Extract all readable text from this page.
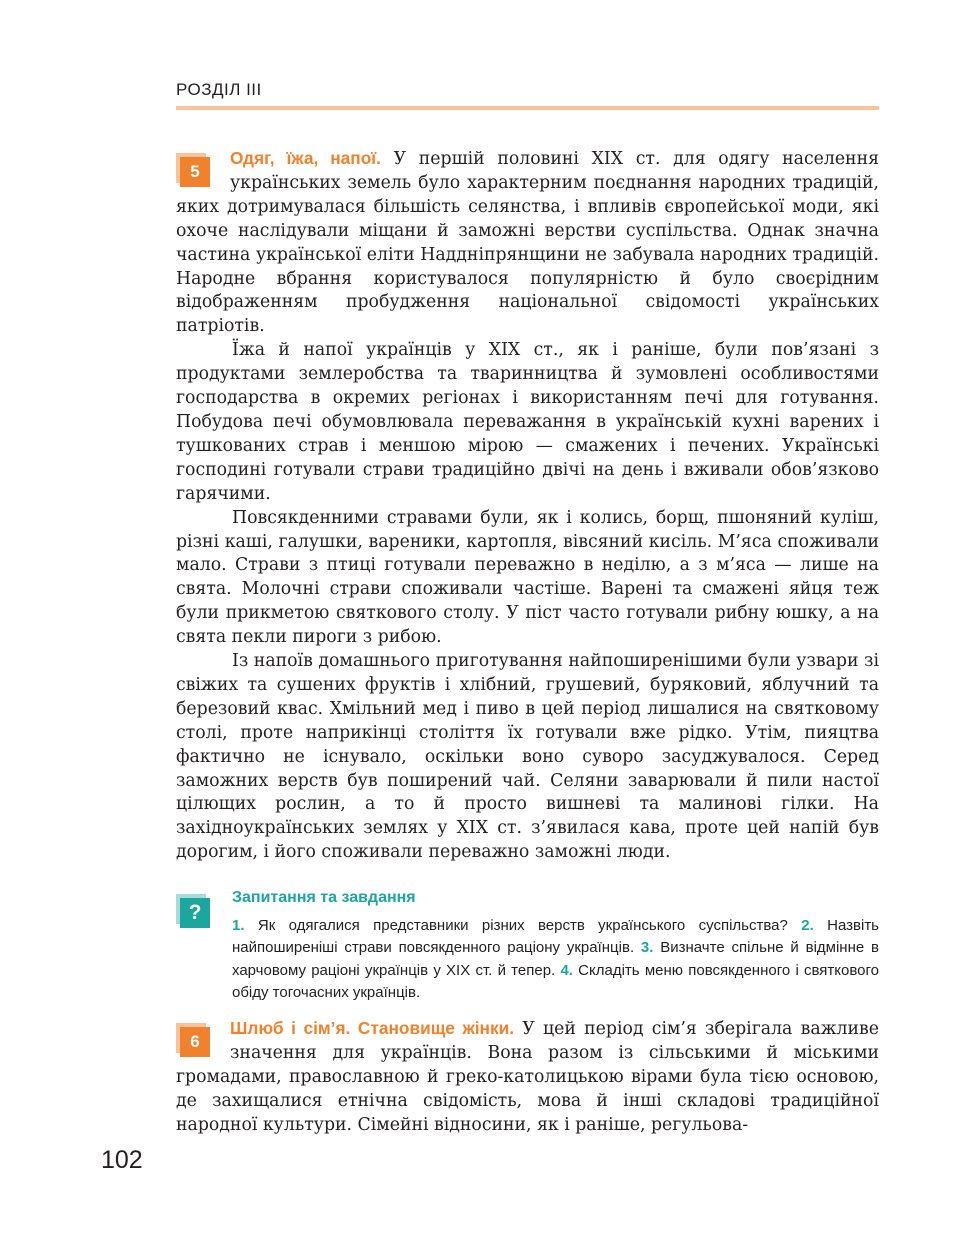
РОЗДІЛ ІІІ
5

Одяг, їжа, напої. У першій половині XIX ст. для одягу населення українських земель було характерним поєднання народних традицій, яких дотримувалася більшість селянства, і впливів європейської моди, які охоче наслідували міщани й заможні верстви суспільства. Однак значна частина української еліти Наддніпрянщини не забувала народних традицій. Народне вбрання користувалося популярністю й було своєрідним відображенням пробудження національної свідомості українських патріотів.

Їжа й напої українців у XIX ст., як і раніше, були пов’язані з продуктами землеробства та тваринництва й зумовлені особливостями господарства в окремих регіонах і використанням печі для готування. Побудова печі обумовлювала переважання в українській кухні варених і тушкованих страв і меншою мірою — смажених і печених. Українські господині готували страви традиційно двічі на день і вживали обов’язково гарячими.

Повсякденними стравами були, як і колись, борщ, пшоняний куліш, різні каші, галушки, вареники, картопля, вівсяний кисіль. М’яса споживали мало. Страви з птиці готували переважно в неділю, а з м’яса — лише на свята. Молочні страви споживали частіше. Варені та смажені яйця теж були прикметою святкового столу. У піст часто готували рибну юшку, а на свята пекли пироги з рибою.

Із напоїв домашнього приготування найпоширенішими були узвари зі свіжих та сушених фруктів і хлібний, грушевий, буряковий, яблучний та березовий квас. Хмільний мед і пиво в цей період лишалися на святковому столі, проте наприкінці століття їх готували вже рідко. Утім, пияцтва фактично не існувало, оскільки воно суворо засуджувалося. Серед заможних верств був поширений чай. Селяни заварювали й пили настої цілющих рослин, а то й просто вишневі та малинові гілки. На західноукраїнських землях у XIX ст. з’явилася кава, проте цей напій був дорогим, і його споживали переважно заможні люди.

?
Запитання та завдання
1. Як одягалися представники різних верств українського суспільства? 2. Назвіть найпоширеніші страви повсякденного раціону українців. 3. Визначте спільне й відмінне в харчовому раціоні українців у XIX ст. й тепер. 4. Складіть меню повсякденного і святкового обіду тогочасних українців.
6

Шлюб і сім’я. Становище жінки. У цей період сім’я зберігала важливе значення для українців. Вона разом із сільськими й міськими громадами, православною й греко-католицькою вірами була тією основою, де захищалися етнічна свідомість, мова й інші складові традиційної народної культури. Сімейні відносини, як і раніше, регульова-

102
